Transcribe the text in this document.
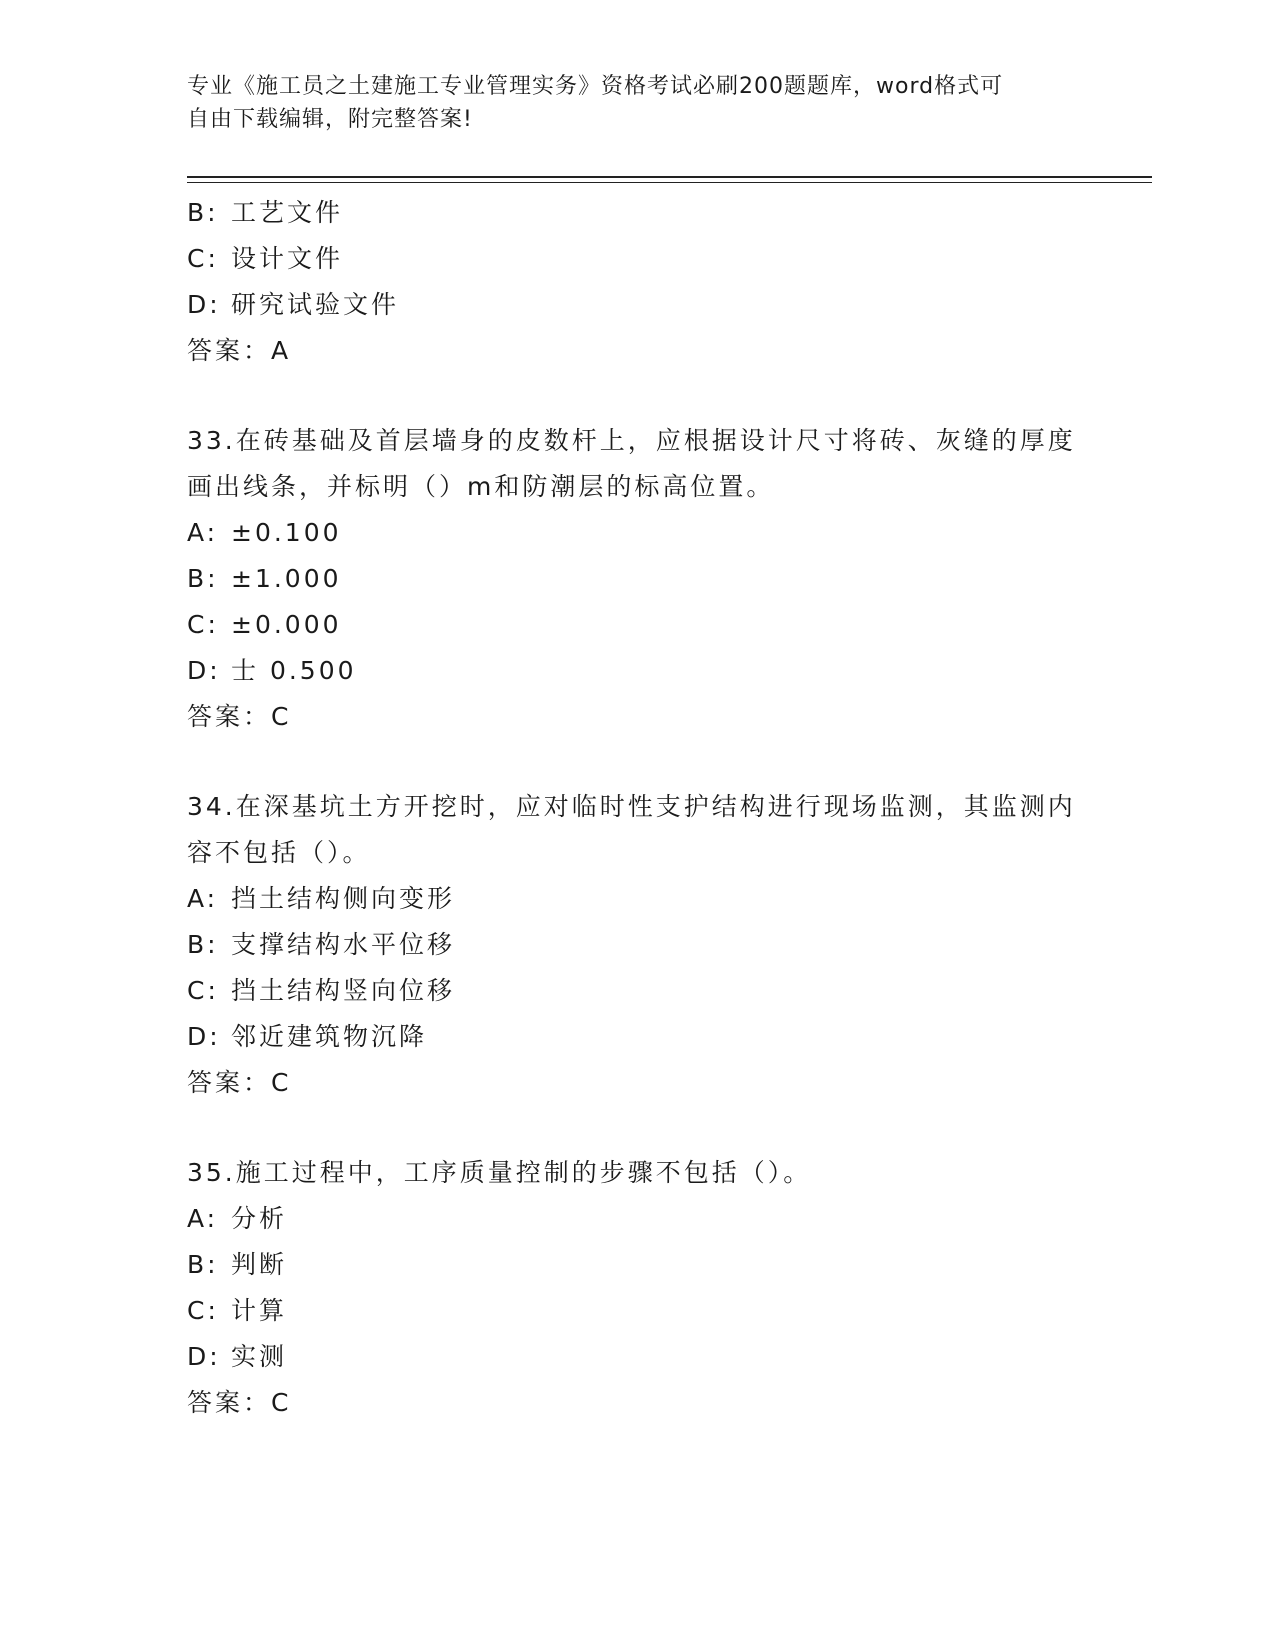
专业《施工员之土建施工专业管理实务》资格考试必刷200题题库，word格式可
自由下载编辑，附完整答案!
B: 工艺文件
C: 设计文件
D: 研究试验文件
答案：A
33.在砖基础及首层墙身的皮数杆上，应根据设计尺寸将砖、灰缝的厚度画出线条，并标明（）m和防潮层的标高位置。
A: ±0.100
B: ±1.000
C: ±0.000
D: 士 0.500
答案：C
34.在深基坑土方开挖时，应对临时性支护结构进行现场监测，其监测内容不包括（）。
A: 挡土结构侧向变形
B: 支撑结构水平位移
C: 挡土结构竖向位移
D: 邻近建筑物沉降
答案：C
35.施工过程中，工序质量控制的步骤不包括（）。
A: 分析
B: 判断
C: 计算
D: 实测
答案：C
